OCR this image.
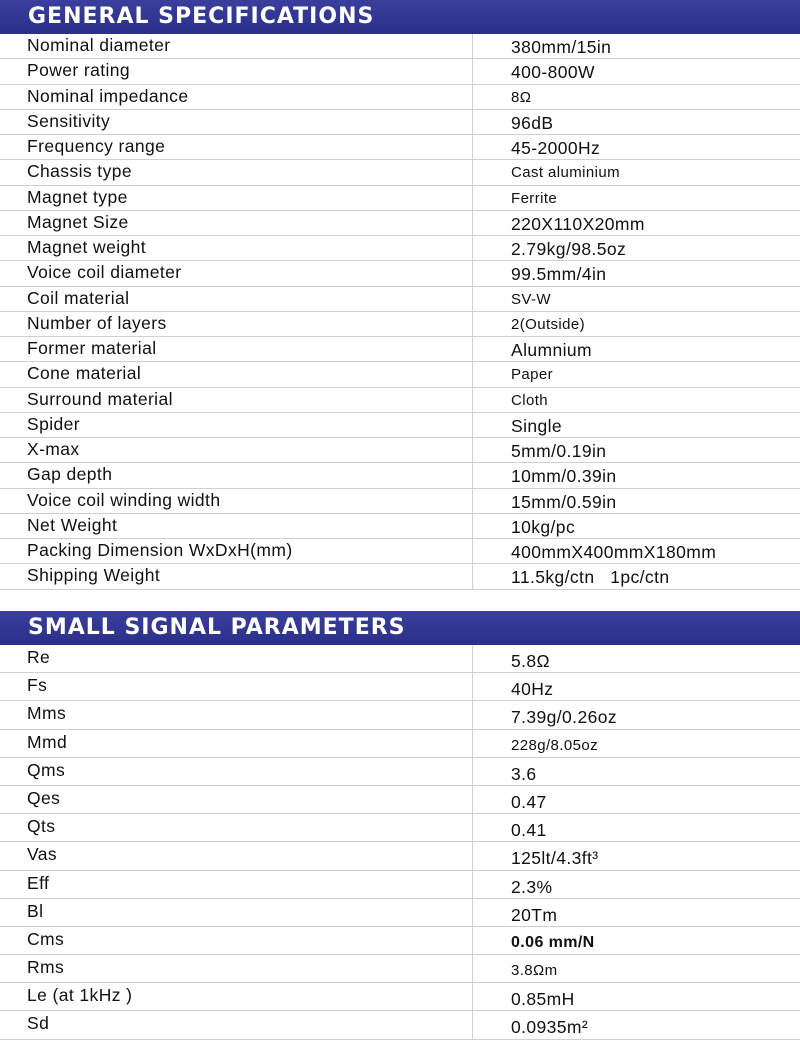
GENERAL SPECIFICATIONS
Nominal diameter	380mm/15in
Power rating	400-800W
Nominal impedance	8Ω
Sensitivity	96dB
Frequency range	45-2000Hz
Chassis type	Cast aluminium
Magnet type	Ferrite
Magnet Size	220X110X20mm
Magnet weight	2.79kg/98.5oz
Voice coil diameter	99.5mm/4in
Coil material	SV-W
Number of layers	2(Outside)
Former material	Alumnium
Cone material	Paper
Surround material	Cloth
Spider	Single
X-max	5mm/0.19in
Gap depth	10mm/0.39in
Voice coil winding width	15mm/0.59in
Net Weight	10kg/pc
Packing Dimension WxDxH(mm)	400mmX400mmX180mm
Shipping Weight	11.5kg/ctn   1pc/ctn
SMALL SIGNAL PARAMETERS
Re	5.8Ω
Fs	40Hz
Mms	7.39g/0.26oz
Mmd	228g/8.05oz
Qms	3.6
Qes	0.47
Qts	0.41
Vas	125lt/4.3ft³
Eff	2.3%
Bl	20Tm
Cms	0.06 mm/N
Rms	3.8Ωm
Le (at 1kHz )	0.85mH
Sd	0.0935m²
